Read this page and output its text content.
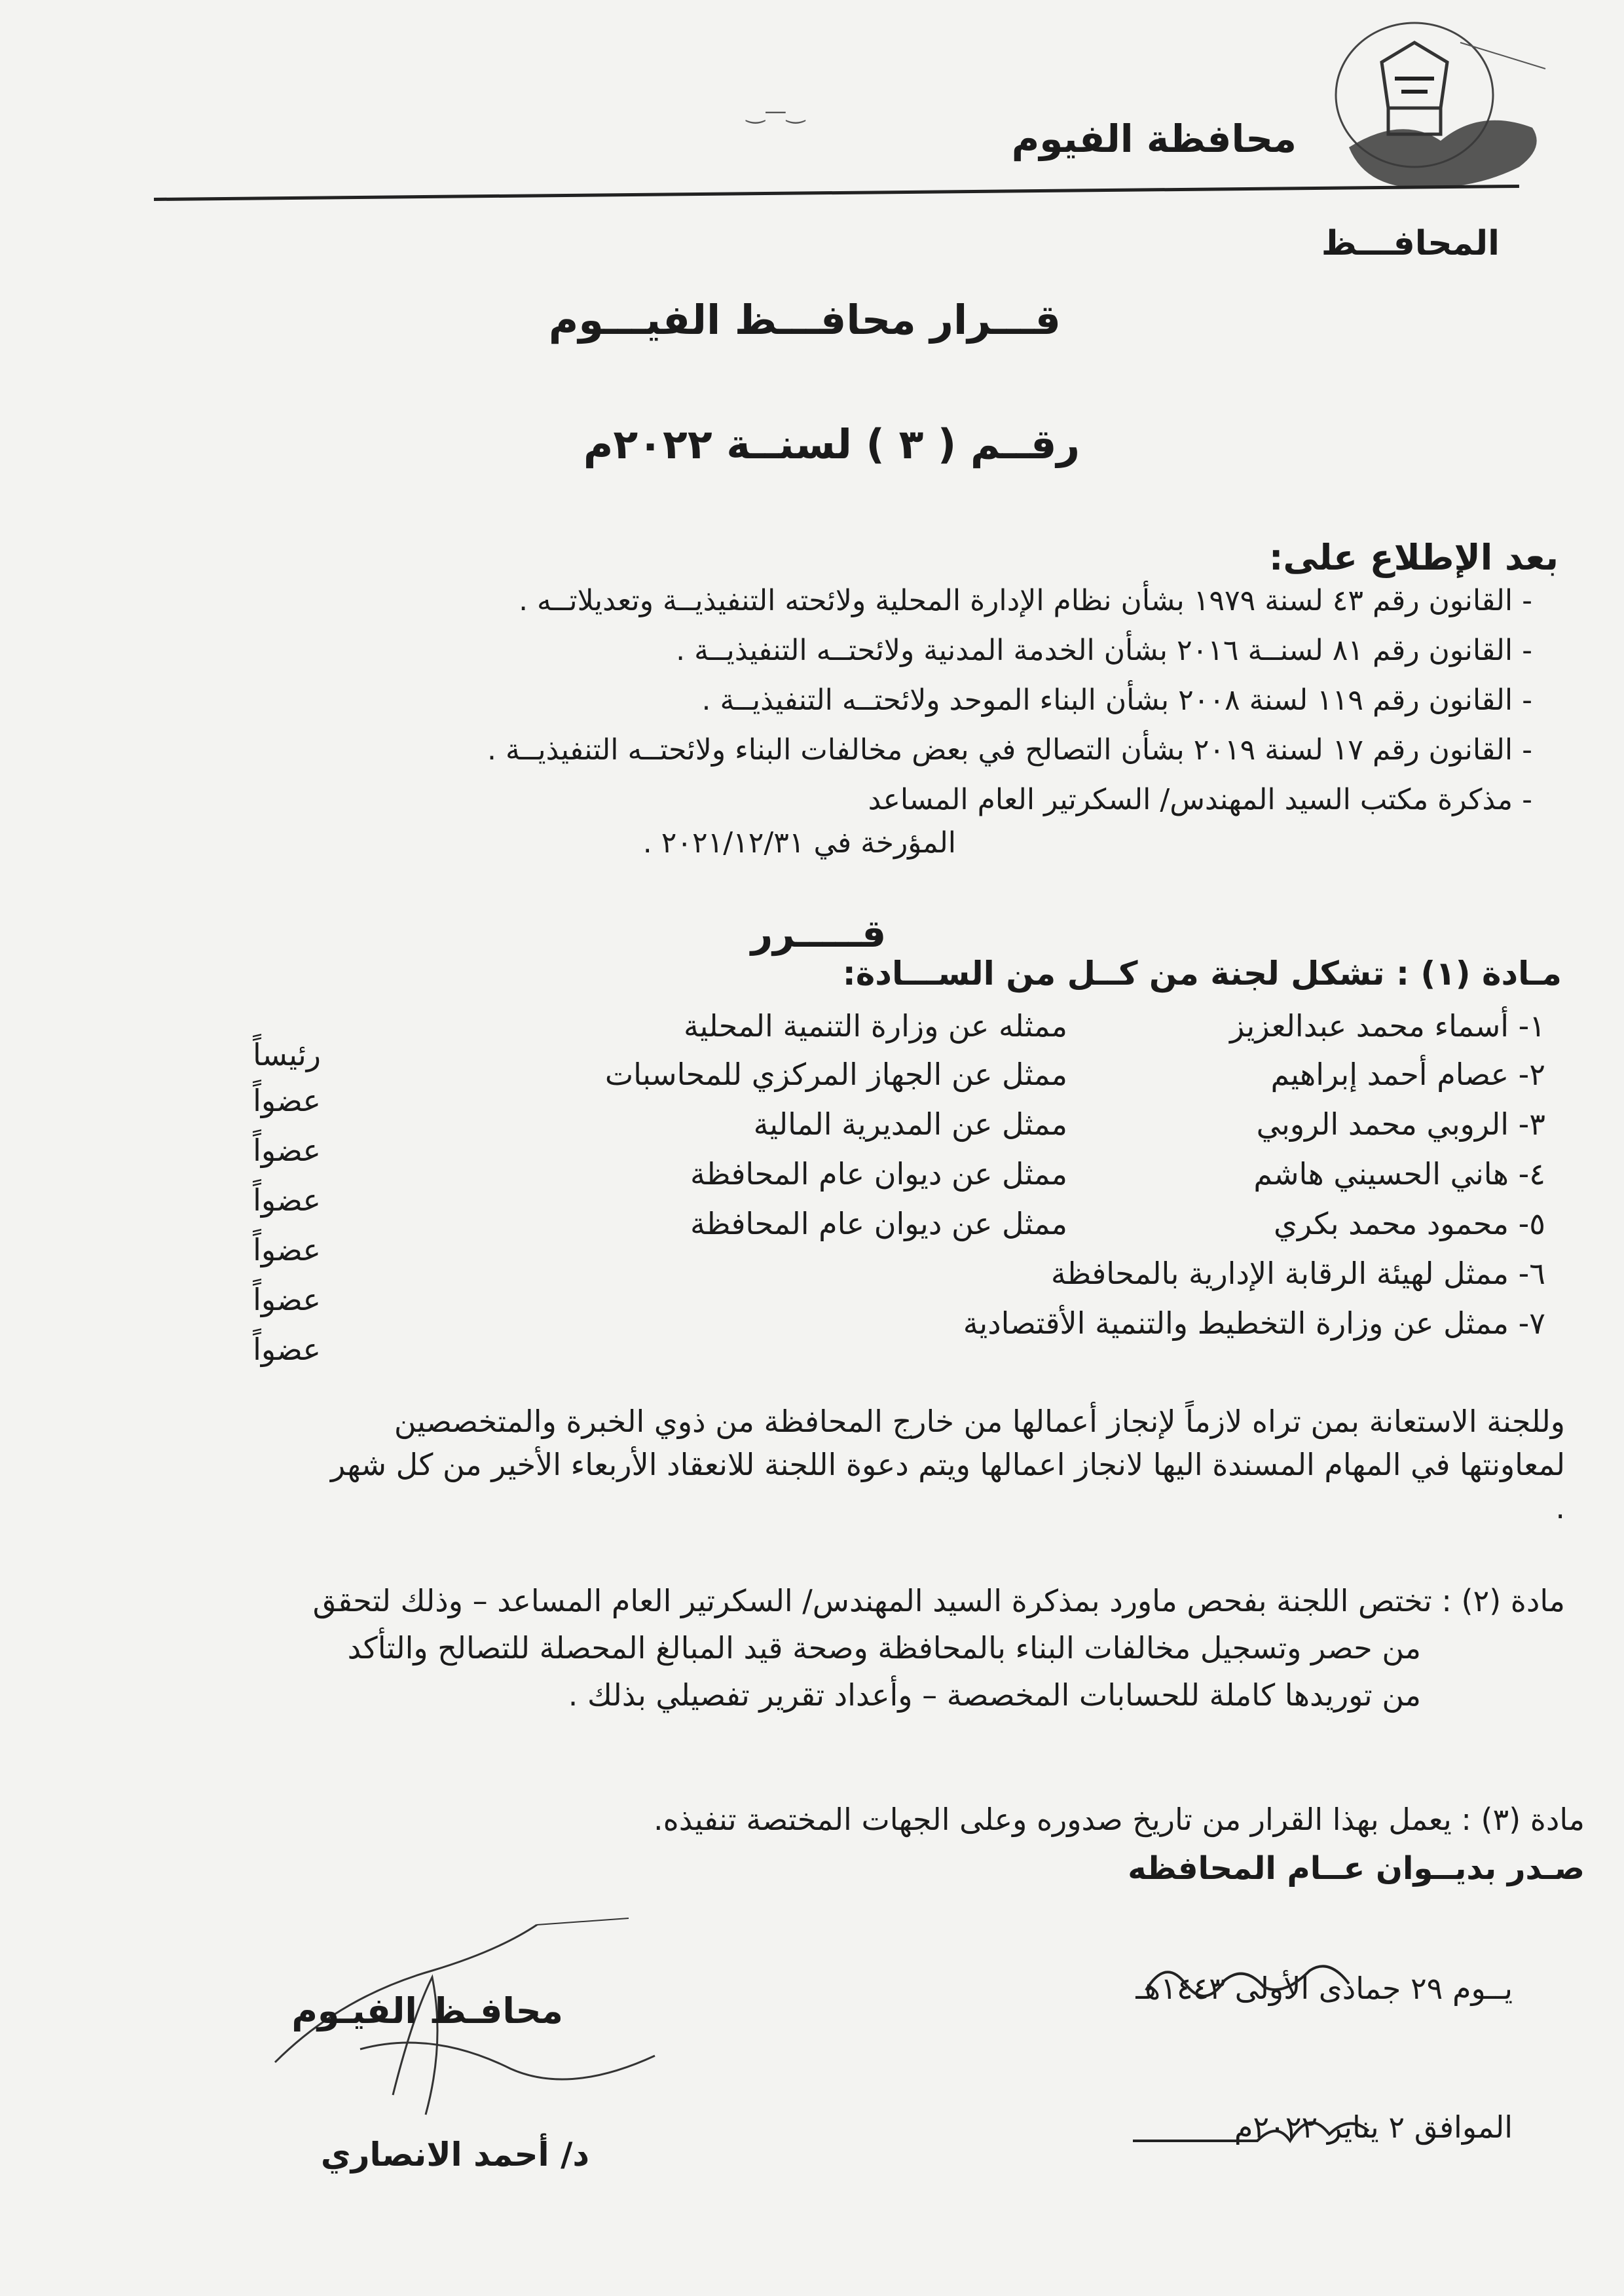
‿—‿
محافظة الفيوم
المحافـــظ
قـــرار محافـــظ الفيـــوم
رقــم ( ٣ ) لسنــة ٢٠٢٢م
بعد الإطلاع على:
- القانون رقم ٤٣ لسنة ١٩٧٩ بشأن نظام الإدارة المحلية ولائحته التنفيذيــة وتعديلاتــه .
- القانون رقم ٨١ لسنــة ٢٠١٦ بشأن الخدمة المدنية ولائحتــه التنفيذيــة .
- القانون رقم ١١٩ لسنة ٢٠٠٨ بشأن البناء الموحد ولائحتــه التنفيذيــة .
- القانون رقم ١٧ لسنة ٢٠١٩ بشأن التصالح في بعض مخالفات البناء ولائحتــه التنفيذيــة .
- مذكرة مكتب السيد المهندس/ السكرتير العام المساعد
المؤرخة في ٢٠٢١/١٢/٣١ .
قـــــرر
مـادة (١) : تشكل لجنة من كــل من الســـادة:
١- أسماء محمد عبدالعزيز
ممثله عن وزارة التنمية المحلية
رئيساً
٢- عصام أحمد إبراهيم
ممثل عن الجهاز المركزي للمحاسبات
عضواً
٣- الروبي محمد الروبي
ممثل عن المديرية المالية
عضواً
٤- هاني الحسيني هاشم
ممثل عن ديوان عام المحافظة
عضواً
٥- محمود محمد بكري
ممثل عن ديوان عام المحافظة
عضواً
٦- ممثل لهيئة الرقابة الإدارية بالمحافظة
عضواً
٧- ممثل عن وزارة التخطيط والتنمية الأقتصادية
عضواً
وللجنة الاستعانة بمن تراه لازماً لإنجاز أعمالها من خارج المحافظة من ذوي الخبرة والمتخصصين
لمعاونتها في المهام المسندة اليها لانجاز اعمالها ويتم دعوة اللجنة للانعقاد الأربعاء الأخير من كل شهر
.
مادة (٢) : تختص اللجنة بفحص ماورد بمذكرة السيد المهندس/ السكرتير العام المساعد – وذلك لتحقق
من حصر وتسجيل مخالفات البناء بالمحافظة وصحة قيد المبالغ المحصلة للتصالح والتأكد
من توريدها كاملة للحسابات المخصصة – وأعداد تقرير تفصيلي بذلك .
مادة (٣) : يعمل بهذا القرار من تاريخ صدوره وعلى الجهات المختصة تنفيذه.
صـدر بديــوان عــام المحافظه
يــوم ٢٩ جمادى الأولى ١٤٤٣هـ
الموافق ٢ يناير ٢٠٢٢م
محافـظ الفيـوم
د/ أحمد الانصاري
